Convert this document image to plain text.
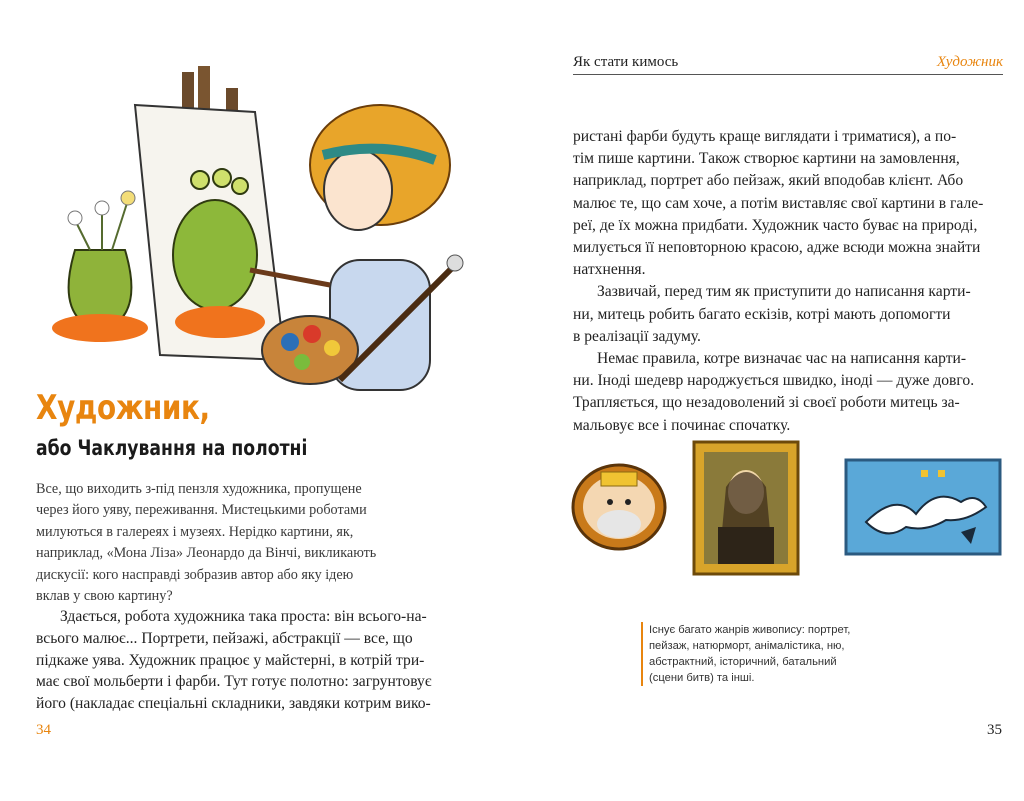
Художник,
або Чаклування на полотні
Все, що виходить з-під пензля художника, пропущене
через його уяву, переживання. Мистецькими роботами
милуються в галереях і музеях. Нерідко картини, як,
наприклад, «Мона Ліза» Леонардо да Вінчі, викликають
дискусії: кого насправді зобразив автор або яку ідею
вклав у свою картину?

Здається, робота художника така проста: він всього-на-

всього малює... Портрети, пейзажі, абстракції — все, що

підкаже уява. Художник працює у майстерні, в котрій три-

має свої мольберти і фарби. Тут готує полотно: загрунтовує

його (накладає спеціальні складники, завдяки котрим вико-

34
Як стати кимось	Художник

ристані фарби будуть краще виглядати і триматися), а по-

тім пише картини. Також створює картини на замовлення,

наприклад, портрет або пейзаж, який вподобав клієнт. Або

малює те, що сам хоче, а потім виставляє свої картини в гале-

реї, де їх можна придбати. Художник часто буває на природі,

милується її неповторною красою, адже всюди можна знайти

натхнення.

Зазвичай, перед тим як приступити до написання карти-

ни, митець робить багато ескізів, котрі мають допомогти

в реалізації задуму.

Немає правила, котре визначає час на написання карти-

ни. Іноді шедевр народжується швидко, іноді — дуже довго.

Трапляється, що незадоволений зі своєї роботи митець за-

мальовує все і починає спочатку.

Існує багато жанрів живопису: портрет,
пейзаж, натюрморт, анімалістика, ню,
абстрактний, історичний, батальний
(сцени битв) та інші.
35
